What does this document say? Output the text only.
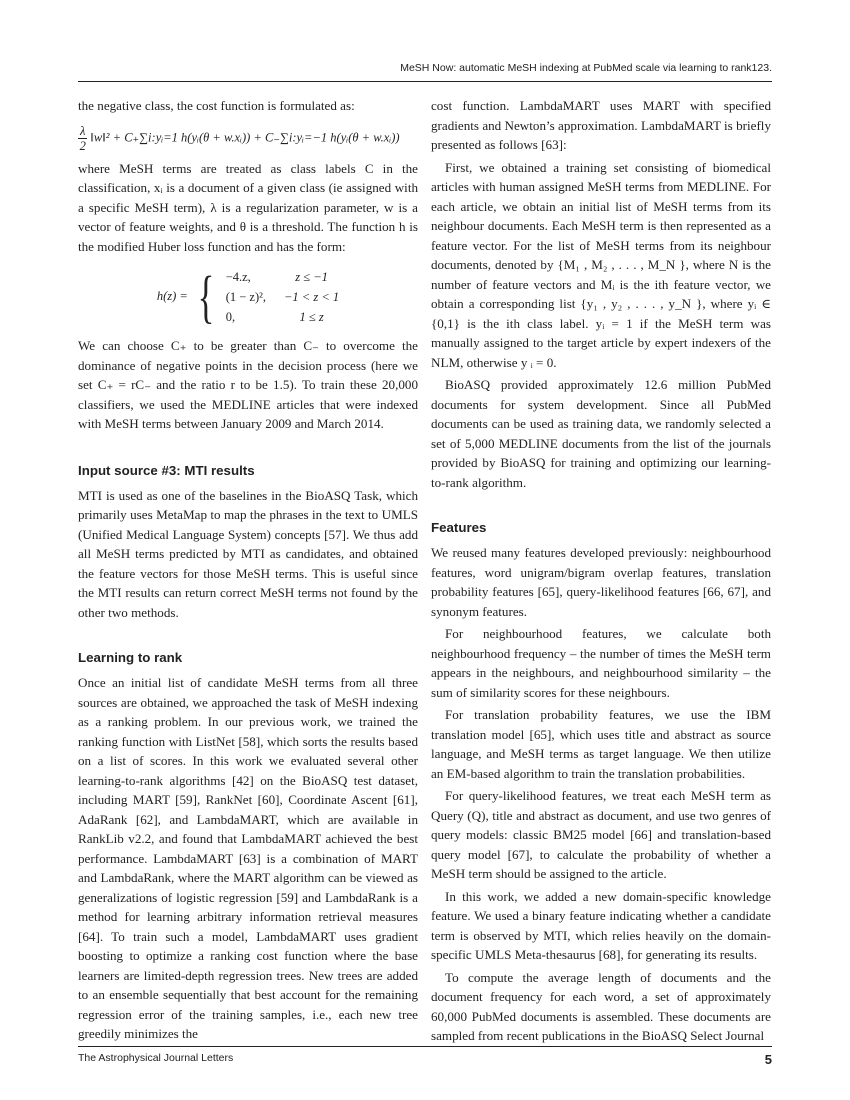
MeSH Now: automatic MeSH indexing at PubMed scale via learning to rank123.

the negative class, the cost function is formulated as:

$\frac{\lambda}{2}$ ‖w‖² + C₊∑i:yᵢ=1 h(yᵢ(θ + w.xᵢ)) + C₋∑i:yᵢ=−1 h(yᵢ(θ + w.xᵢ))

where MeSH terms are treated as class labels C in the classification, xᵢ is a document of a given class (ie assigned with a specific MeSH term), λ is a regularization parameter, w is a vector of feature weights, and θ is a threshold. The function h is the modified Huber loss function and has the form:

h(z) = { −4.z,	z ≤ −1
(1 − z)², −1 < z < 1
0,	1 ≤ z

We can choose C₊ to be greater than C₋ to overcome the dominance of negative points in the decision process (here we set C₊ = rC₋ and the ratio r to be 1.5). To train these 20,000 classifiers, we used the MEDLINE articles that were indexed with MeSH terms between January 2009 and March 2014.

Input source #3: MTI results

MTI is used as one of the baselines in the BioASQ Task, which primarily uses MetaMap to map the phrases in the text to UMLS (Unified Medical Language System) concepts [57]. We thus add all MeSH terms predicted by MTI as candidates, and obtained the feature vectors for those MeSH terms. This is useful since the MTI results can return correct MeSH terms not found by the other two methods.

Learning to rank

Once an initial list of candidate MeSH terms from all three sources are obtained, we approached the task of MeSH indexing as a ranking problem. In our previous work, we trained the ranking function with ListNet [58], which sorts the results based on a list of scores. In this work we evaluated several other learning-to-rank algorithms [42] on the BioASQ test dataset, including MART [59], RankNet [60], Coordinate Ascent [61], AdaRank [62], and LambdaMART, which are available in RankLib v2.2, and found that LambdaMART achieved the best performance. LambdaMART [63] is a combination of MART and LambdaRank, where the MART algorithm can be viewed as generalizations of logistic regression [59] and LambdaRank is a method for learning arbitrary information retrieval measures [64]. To train such a model, LambdaMART uses gradient boosting to optimize a ranking cost function where the base learners are limited-depth regression trees. New trees are added to an ensemble sequentially that best account for the remaining regression error of the training samples, i.e., each new tree greedily minimizes the

cost function. LambdaMART uses MART with specified gradients and Newton’s approximation. LambdaMART is briefly presented as follows [63]:

First, we obtained a training set consisting of biomedical articles with human assigned MeSH terms from MEDLINE. For each article, we obtain an initial list of MeSH terms from its neighbour documents. Each MeSH term is then represented as a feature vector. For the list of MeSH terms from its neighbour documents, denoted by {M₁ , M₂ , . . . , M_N }, where N is the number of feature vectors and Mᵢ is the ith feature vector, we obtain a corresponding list {y₁ , y₂ , . . . , y_N }, where yᵢ ∈ {0,1} is the ith class label. yᵢ = 1 if the MeSH term was manually assigned to the target article by expert indexers of the NLM, otherwise y ᵢ = 0.

BioASQ provided approximately 12.6 million PubMed documents for system development. Since all PubMed documents can be used as training data, we randomly selected a set of 5,000 MEDLINE documents from the list of the journals provided by BioASQ for training and optimizing our learning-to-rank algorithm.

Features

We reused many features developed previously: neighbourhood features, word unigram/bigram overlap features, translation probability features [65], query-likelihood features [66, 67], and synonym features.

For neighbourhood features, we calculate both neighbourhood frequency – the number of times the MeSH term appears in the neighbours, and neighbourhood similarity – the sum of similarity scores for these neighbours.

For translation probability features, we use the IBM translation model [65], which uses title and abstract as source language, and MeSH terms as target language. We then utilize an EM-based algorithm to train the translation probabilities.

For query-likelihood features, we treat each MeSH term as Query (Q), title and abstract as document, and use two genres of query models: classic BM25 model [66] and translation-based query model [67], to calculate the probability of whether a MeSH term should be assigned to the article.

In this work, we added a new domain-specific knowledge feature. We used a binary feature indicating whether a candidate term is observed by MTI, which relies heavily on the domain-specific UMLS Meta-thesaurus [68], for generating its results.

To compute the average length of documents and the document frequency for each word, a set of approximately 60,000 PubMed documents is assembled. These documents are sampled from recent publications in the BioASQ Select Journal

The Astrophysical Journal Letters	5
